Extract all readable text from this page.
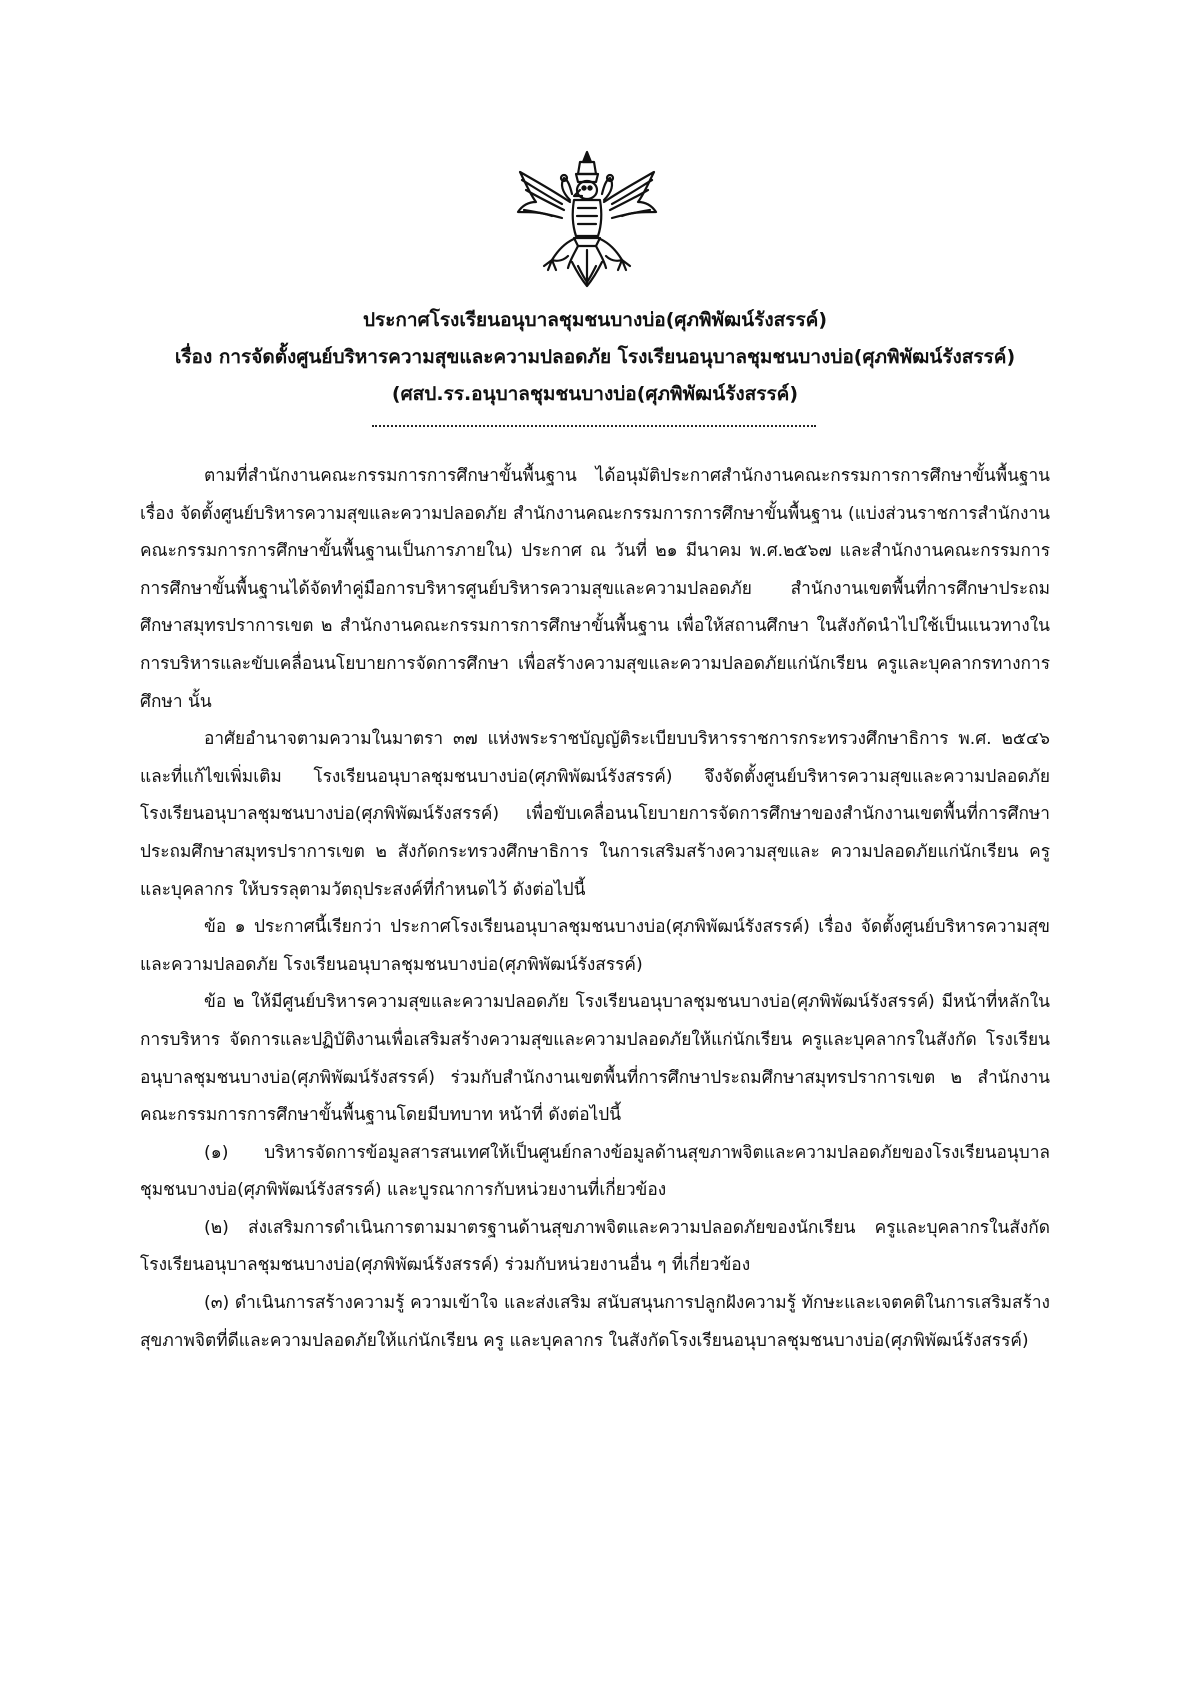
ประกาศโรงเรียนอนุบาลชุมชนบางบ่อ(ศุภพิพัฒน์รังสรรค์)
เรื่อง การจัดตั้งศูนย์บริหารความสุขและความปลอดภัย โรงเรียนอนุบาลชุมชนบางบ่อ(ศุภพิพัฒน์รังสรรค์)
(ศสป.รร.อนุบาลชุมชนบางบ่อ(ศุภพิพัฒน์รังสรรค์)

ตามที่สำนักงานคณะกรรมการการศึกษาขั้นพื้นฐาน ได้อนุมัติประกาศสำนักงานคณะกรรมการการศึกษาขั้นพื้นฐาน เรื่อง จัดตั้งศูนย์บริหารความสุขและความปลอดภัย สำนักงานคณะกรรมการการศึกษาขั้นพื้นฐาน (แบ่งส่วนราชการสำนักงานคณะกรรมการการศึกษาขั้นพื้นฐานเป็นการภายใน) ประกาศ ณ วันที่ ๒๑ มีนาคม พ.ศ.๒๕๖๗ และสำนักงานคณะกรรมการการศึกษาขั้นพื้นฐานได้จัดทำคู่มือการบริหารศูนย์บริหารความสุขและความปลอดภัย สำนักงานเขตพื้นที่การศึกษาประถมศึกษาสมุทรปราการเขต ๒ สำนักงานคณะกรรมการการศึกษาขั้นพื้นฐาน เพื่อให้สถานศึกษา ในสังกัดนำไปใช้เป็นแนวทางในการบริหารและขับเคลื่อนนโยบายการจัดการศึกษา เพื่อสร้างความสุขและความปลอดภัยแก่นักเรียน ครูและบุคลากรทางการศึกษา นั้น

อาศัยอำนาจตามความในมาตรา ๓๗ แห่งพระราชบัญญัติระเบียบบริหารราชการกระทรวงศึกษาธิการ พ.ศ. ๒๕๔๖ และที่แก้ไขเพิ่มเติม โรงเรียนอนุบาลชุมชนบางบ่อ(ศุภพิพัฒน์รังสรรค์) จึงจัดตั้งศูนย์บริหารความสุขและความปลอดภัย โรงเรียนอนุบาลชุมชนบางบ่อ(ศุภพิพัฒน์รังสรรค์) เพื่อขับเคลื่อนนโยบายการจัดการศึกษาของสำนักงานเขตพื้นที่การศึกษาประถมศึกษาสมุทรปราการเขต ๒ สังกัดกระทรวงศึกษาธิการ ในการเสริมสร้างความสุขและ ความปลอดภัยแก่นักเรียน ครูและบุคลากร ให้บรรลุตามวัตถุประสงค์ที่กำหนดไว้ ดังต่อไปนี้

ข้อ ๑ ประกาศนี้เรียกว่า ประกาศโรงเรียนอนุบาลชุมชนบางบ่อ(ศุภพิพัฒน์รังสรรค์) เรื่อง จัดตั้งศูนย์บริหารความสุขและความปลอดภัย โรงเรียนอนุบาลชุมชนบางบ่อ(ศุภพิพัฒน์รังสรรค์)

ข้อ ๒ ให้มีศูนย์บริหารความสุขและความปลอดภัย โรงเรียนอนุบาลชุมชนบางบ่อ(ศุภพิพัฒน์รังสรรค์) มีหน้าที่หลักในการบริหาร จัดการและปฏิบัติงานเพื่อเสริมสร้างความสุขและความปลอดภัยให้แก่นักเรียน ครูและบุคลากรในสังกัด โรงเรียนอนุบาลชุมชนบางบ่อ(ศุภพิพัฒน์รังสรรค์) ร่วมกับสำนักงานเขตพื้นที่การศึกษาประถมศึกษาสมุทรปราการเขต ๒ สำนักงานคณะกรรมการการศึกษาขั้นพื้นฐานโดยมีบทบาท หน้าที่ ดังต่อไปนี้

(๑) บริหารจัดการข้อมูลสารสนเทศให้เป็นศูนย์กลางข้อมูลด้านสุขภาพจิตและความปลอดภัยของโรงเรียนอนุบาลชุมชนบางบ่อ(ศุภพิพัฒน์รังสรรค์) และบูรณาการกับหน่วยงานที่เกี่ยวข้อง

(๒) ส่งเสริมการดำเนินการตามมาตรฐานด้านสุขภาพจิตและความปลอดภัยของนักเรียน ครูและบุคลากรในสังกัดโรงเรียนอนุบาลชุมชนบางบ่อ(ศุภพิพัฒน์รังสรรค์) ร่วมกับหน่วยงานอื่น ๆ ที่เกี่ยวข้อง

(๓) ดำเนินการสร้างความรู้ ความเข้าใจ และส่งเสริม สนับสนุนการปลูกฝังความรู้ ทักษะและเจตคติในการเสริมสร้างสุขภาพจิตที่ดีและความปลอดภัยให้แก่นักเรียน ครู และบุคลากร ในสังกัดโรงเรียนอนุบาลชุมชนบางบ่อ(ศุภพิพัฒน์รังสรรค์)
